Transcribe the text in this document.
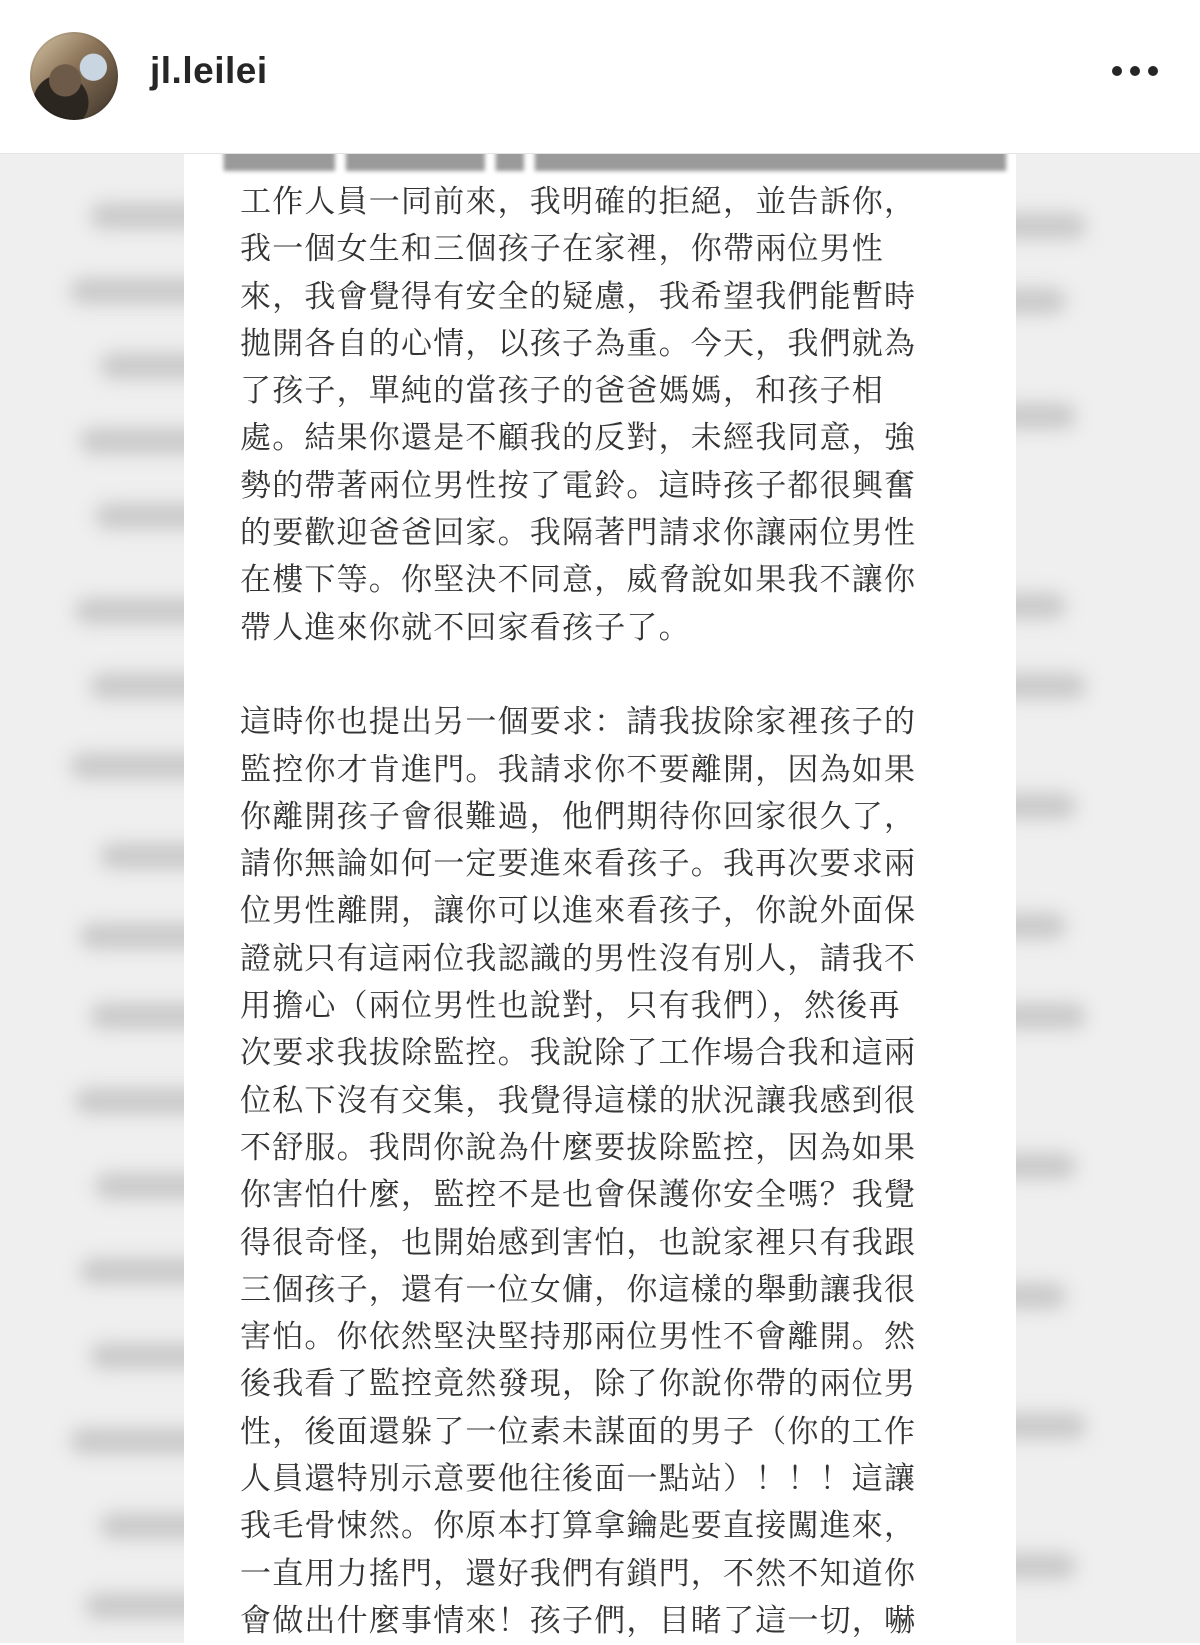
jl.leilei
工作人員一同前來，我明確的拒絕，並告訴你，
我一個女生和三個孩子在家裡，你帶兩位男性
來，我會覺得有安全的疑慮，我希望我們能暫時
拋開各自的心情，以孩子為重。今天，我們就為
了孩子，單純的當孩子的爸爸媽媽，和孩子相
處。結果你還是不顧我的反對，未經我同意，強
勢的帶著兩位男性按了電鈴。這時孩子都很興奮
的要歡迎爸爸回家。我隔著門請求你讓兩位男性
在樓下等。你堅決不同意，威脅說如果我不讓你
帶人進來你就不回家看孩子了。
這時你也提出另一個要求：請我拔除家裡孩子的
監控你才肯進門。我請求你不要離開，因為如果
你離開孩子會很難過，他們期待你回家很久了，
請你無論如何一定要進來看孩子。我再次要求兩
位男性離開，讓你可以進來看孩子，你說外面保
證就只有這兩位我認識的男性沒有別人，請我不
用擔心（兩位男性也說對，只有我們），然後再
次要求我拔除監控。我說除了工作場合我和這兩
位私下沒有交集，我覺得這樣的狀況讓我感到很
不舒服。我問你說為什麼要拔除監控，因為如果
你害怕什麼，監控不是也會保護你安全嗎？我覺
得很奇怪，也開始感到害怕，也說家裡只有我跟
三個孩子，還有一位女傭，你這樣的舉動讓我很
害怕。你依然堅決堅持那兩位男性不會離開。然
後我看了監控竟然發現，除了你說你帶的兩位男
性，後面還躲了一位素未謀面的男子（你的工作
人員還特別示意要他往後面一點站）！！！這讓
我毛骨悚然。你原本打算拿鑰匙要直接闖進來，
一直用力搖門，還好我們有鎖門，不然不知道你
會做出什麼事情來！孩子們，目睹了這一切，嚇
